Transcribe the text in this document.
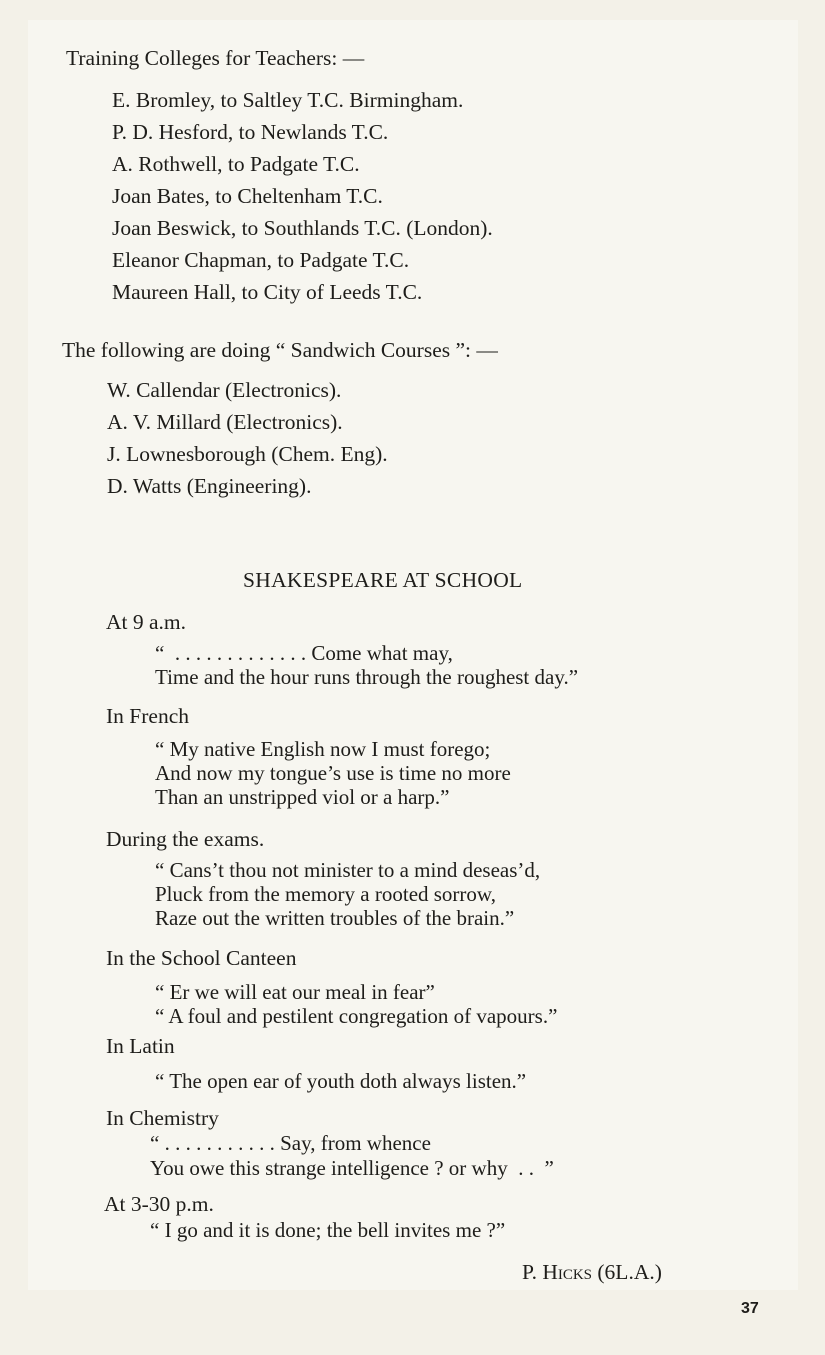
Training Colleges for Teachers: —
E. Bromley, to Saltley T.C. Birmingham.
P. D. Hesford, to Newlands T.C.
A. Rothwell, to Padgate T.C.
Joan Bates, to Cheltenham T.C.
Joan Beswick, to Southlands T.C. (London).
Eleanor Chapman, to Padgate T.C.
Maureen Hall, to City of Leeds T.C.
The following are doing “ Sandwich Courses ”: —
W. Callendar (Electronics).
A. V. Millard (Electronics).
J. Lownesborough (Chem. Eng).
D. Watts (Engineering).
SHAKESPEARE AT SCHOOL
At 9 a.m.
“  . . . . . . . . . . . . . Come what may,
Time and the hour runs through the roughest day.”
In French
“ My native English now I must forego;
And now my tongue’s use is time no more
Than an unstripped viol or a harp.”
During the exams.
“ Cans’t thou not minister to a mind deseas’d,
Pluck from the memory a rooted sorrow,
Raze out the written troubles of the brain.”
In the School Canteen
“ Er we will eat our meal in fear”
“ A foul and pestilent congregation of vapours.”
In Latin
“ The open ear of youth doth always listen.”
In Chemistry
“ . . . . . . . . . . . Say, from whence
You owe this strange intelligence ? or why  . .  ”
At 3-30 p.m.
“ I go and it is done; the bell invites me ?”
P. Hicks (6L.A.)
37
